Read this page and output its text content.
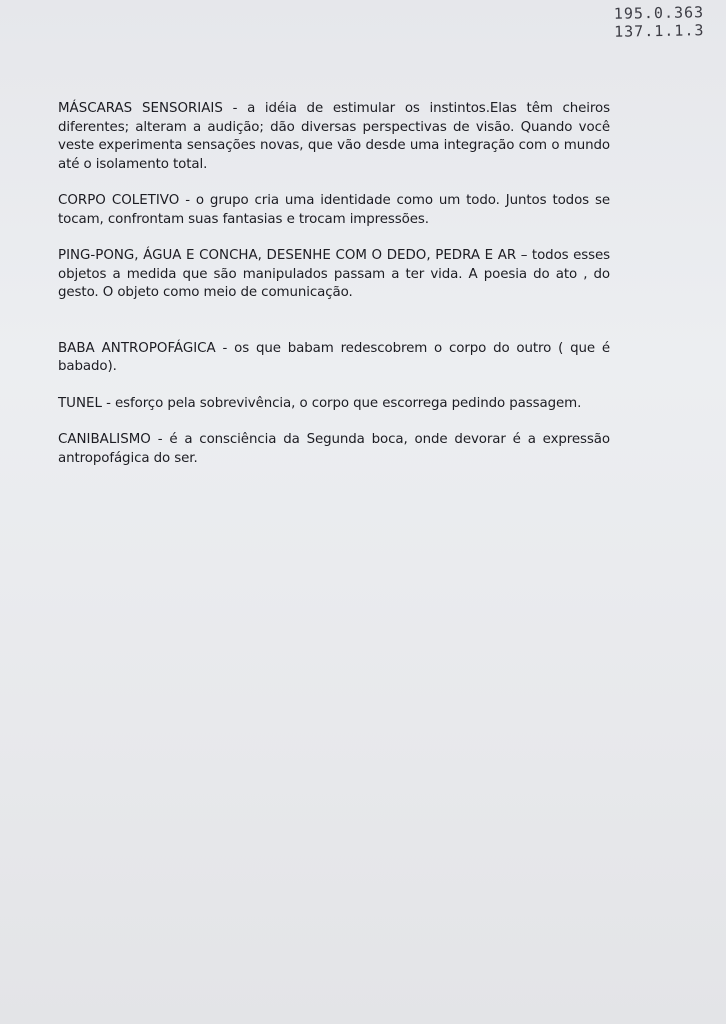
195.0.363
137.1.1.3

MÁSCARAS SENSORIAIS - a idéia de estimular os instintos.Elas têm cheiros diferentes; alteram a audição; dão diversas perspectivas de visão. Quando você veste experimenta sensações novas, que vão desde uma integração com o mundo até o isolamento total.

CORPO COLETIVO - o grupo cria uma identidade como um todo. Juntos todos se tocam, confrontam suas fantasias e trocam impressões.

PING-PONG, ÁGUA E CONCHA, DESENHE COM O DEDO, PEDRA E AR – todos esses objetos a medida que são manipulados passam a ter vida. A poesia do ato , do gesto. O objeto como meio de comunicação.

BABA ANTROPOFÁGICA - os que babam redescobrem o corpo do outro ( que é babado).

TUNEL - esforço pela sobrevivência, o corpo que escorrega pedindo passagem.

CANIBALISMO - é a consciência da Segunda boca, onde devorar é a expressão antropofágica do ser.
